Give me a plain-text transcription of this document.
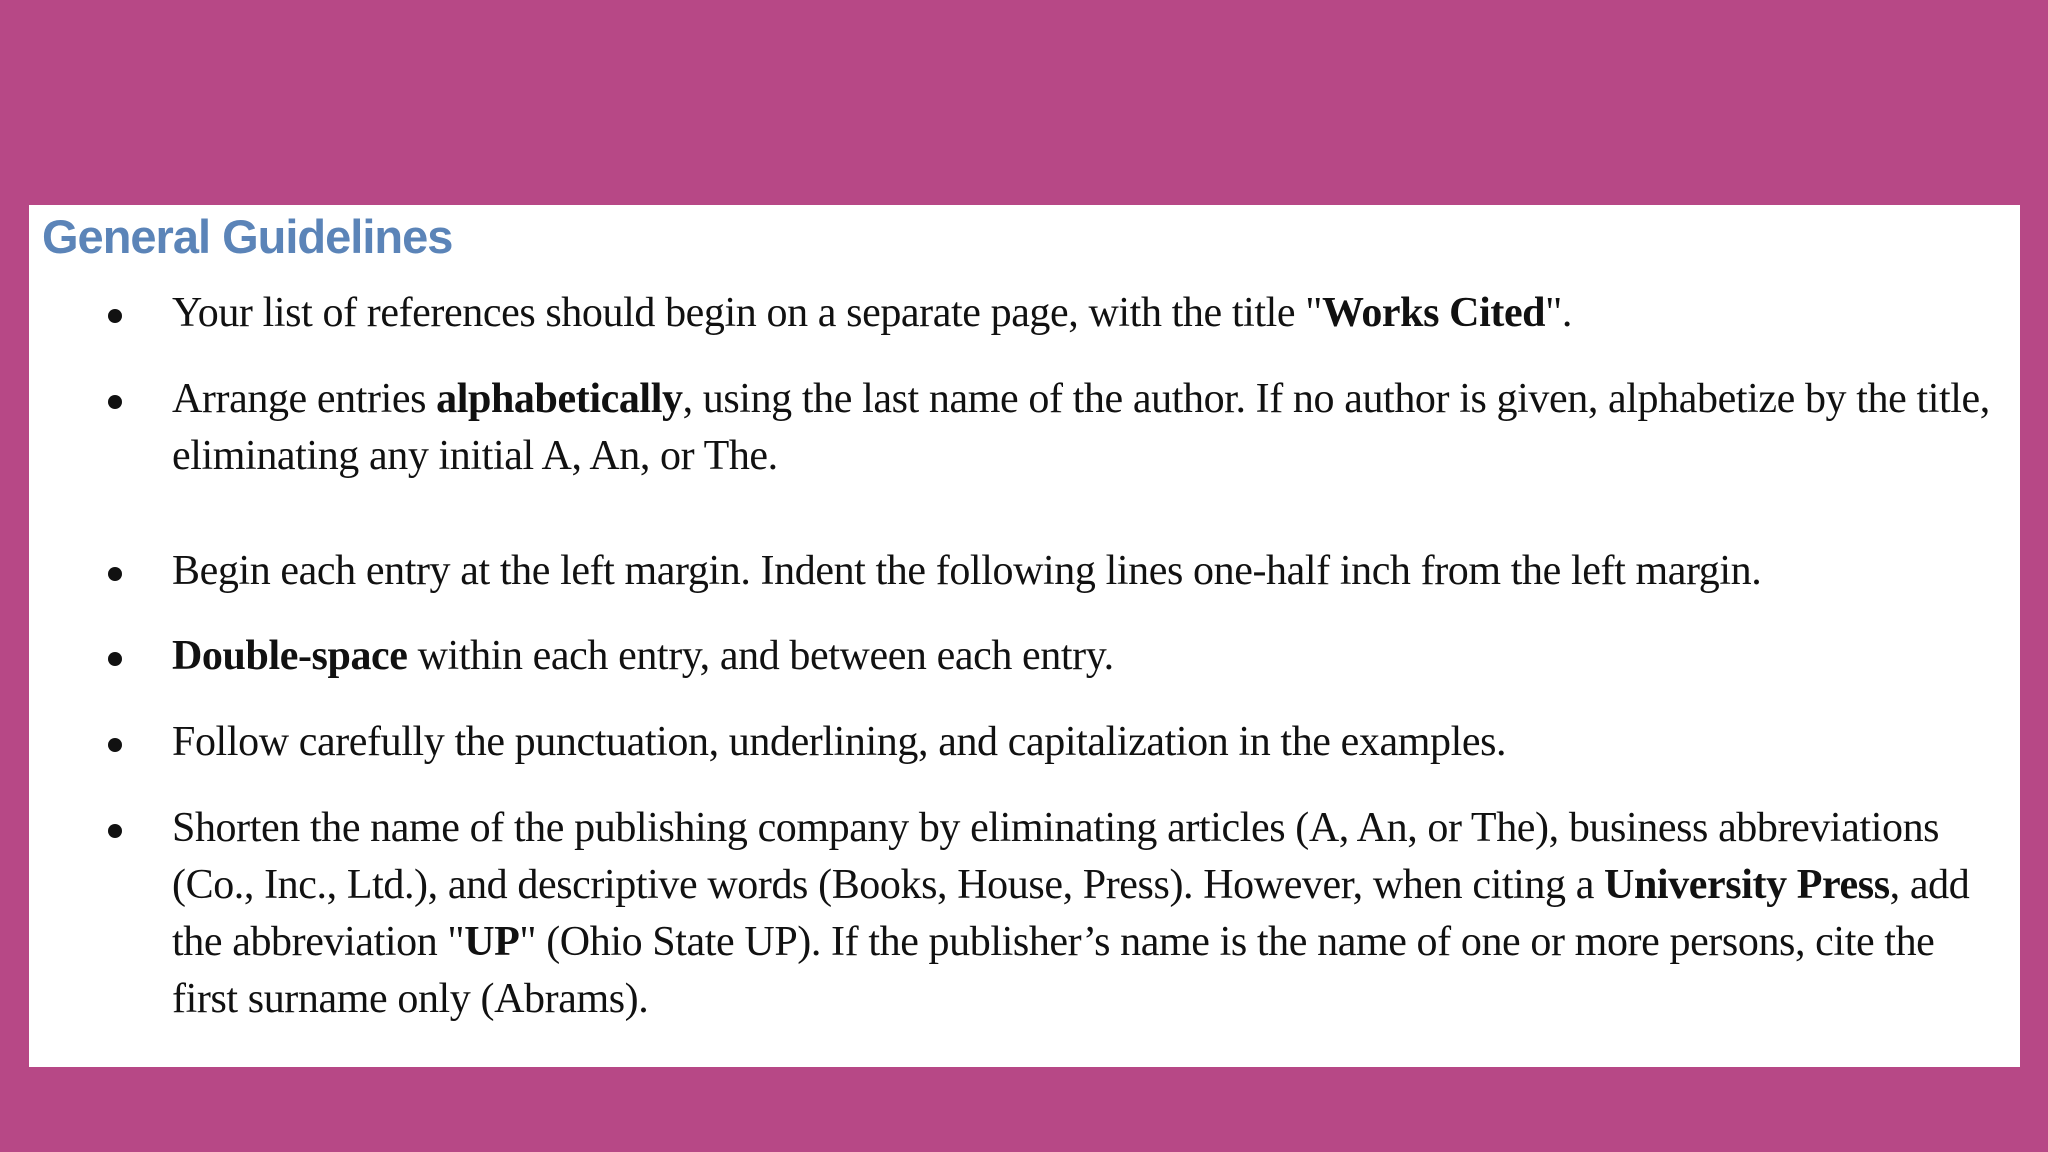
General Guidelines

Your list of references should begin on a separate page, with the title "Works Cited".

Arrange entries alphabetically, using the last name of the author. If no author is given, alphabetize by the title, eliminating any initial A, An, or The.

Begin each entry at the left margin. Indent the following lines one-half inch from the left margin.

Double-space within each entry, and between each entry.

Follow carefully the punctuation, underlining, and capitalization in the examples.

Shorten the name of the publishing company by eliminating articles (A, An, or The), business abbreviations (Co., Inc., Ltd.), and descriptive words (Books, House, Press). However, when citing a University Press, add the abbreviation "UP" (Ohio State UP). If the publisher’s name is the name of one or more persons, cite the first surname only (Abrams).
